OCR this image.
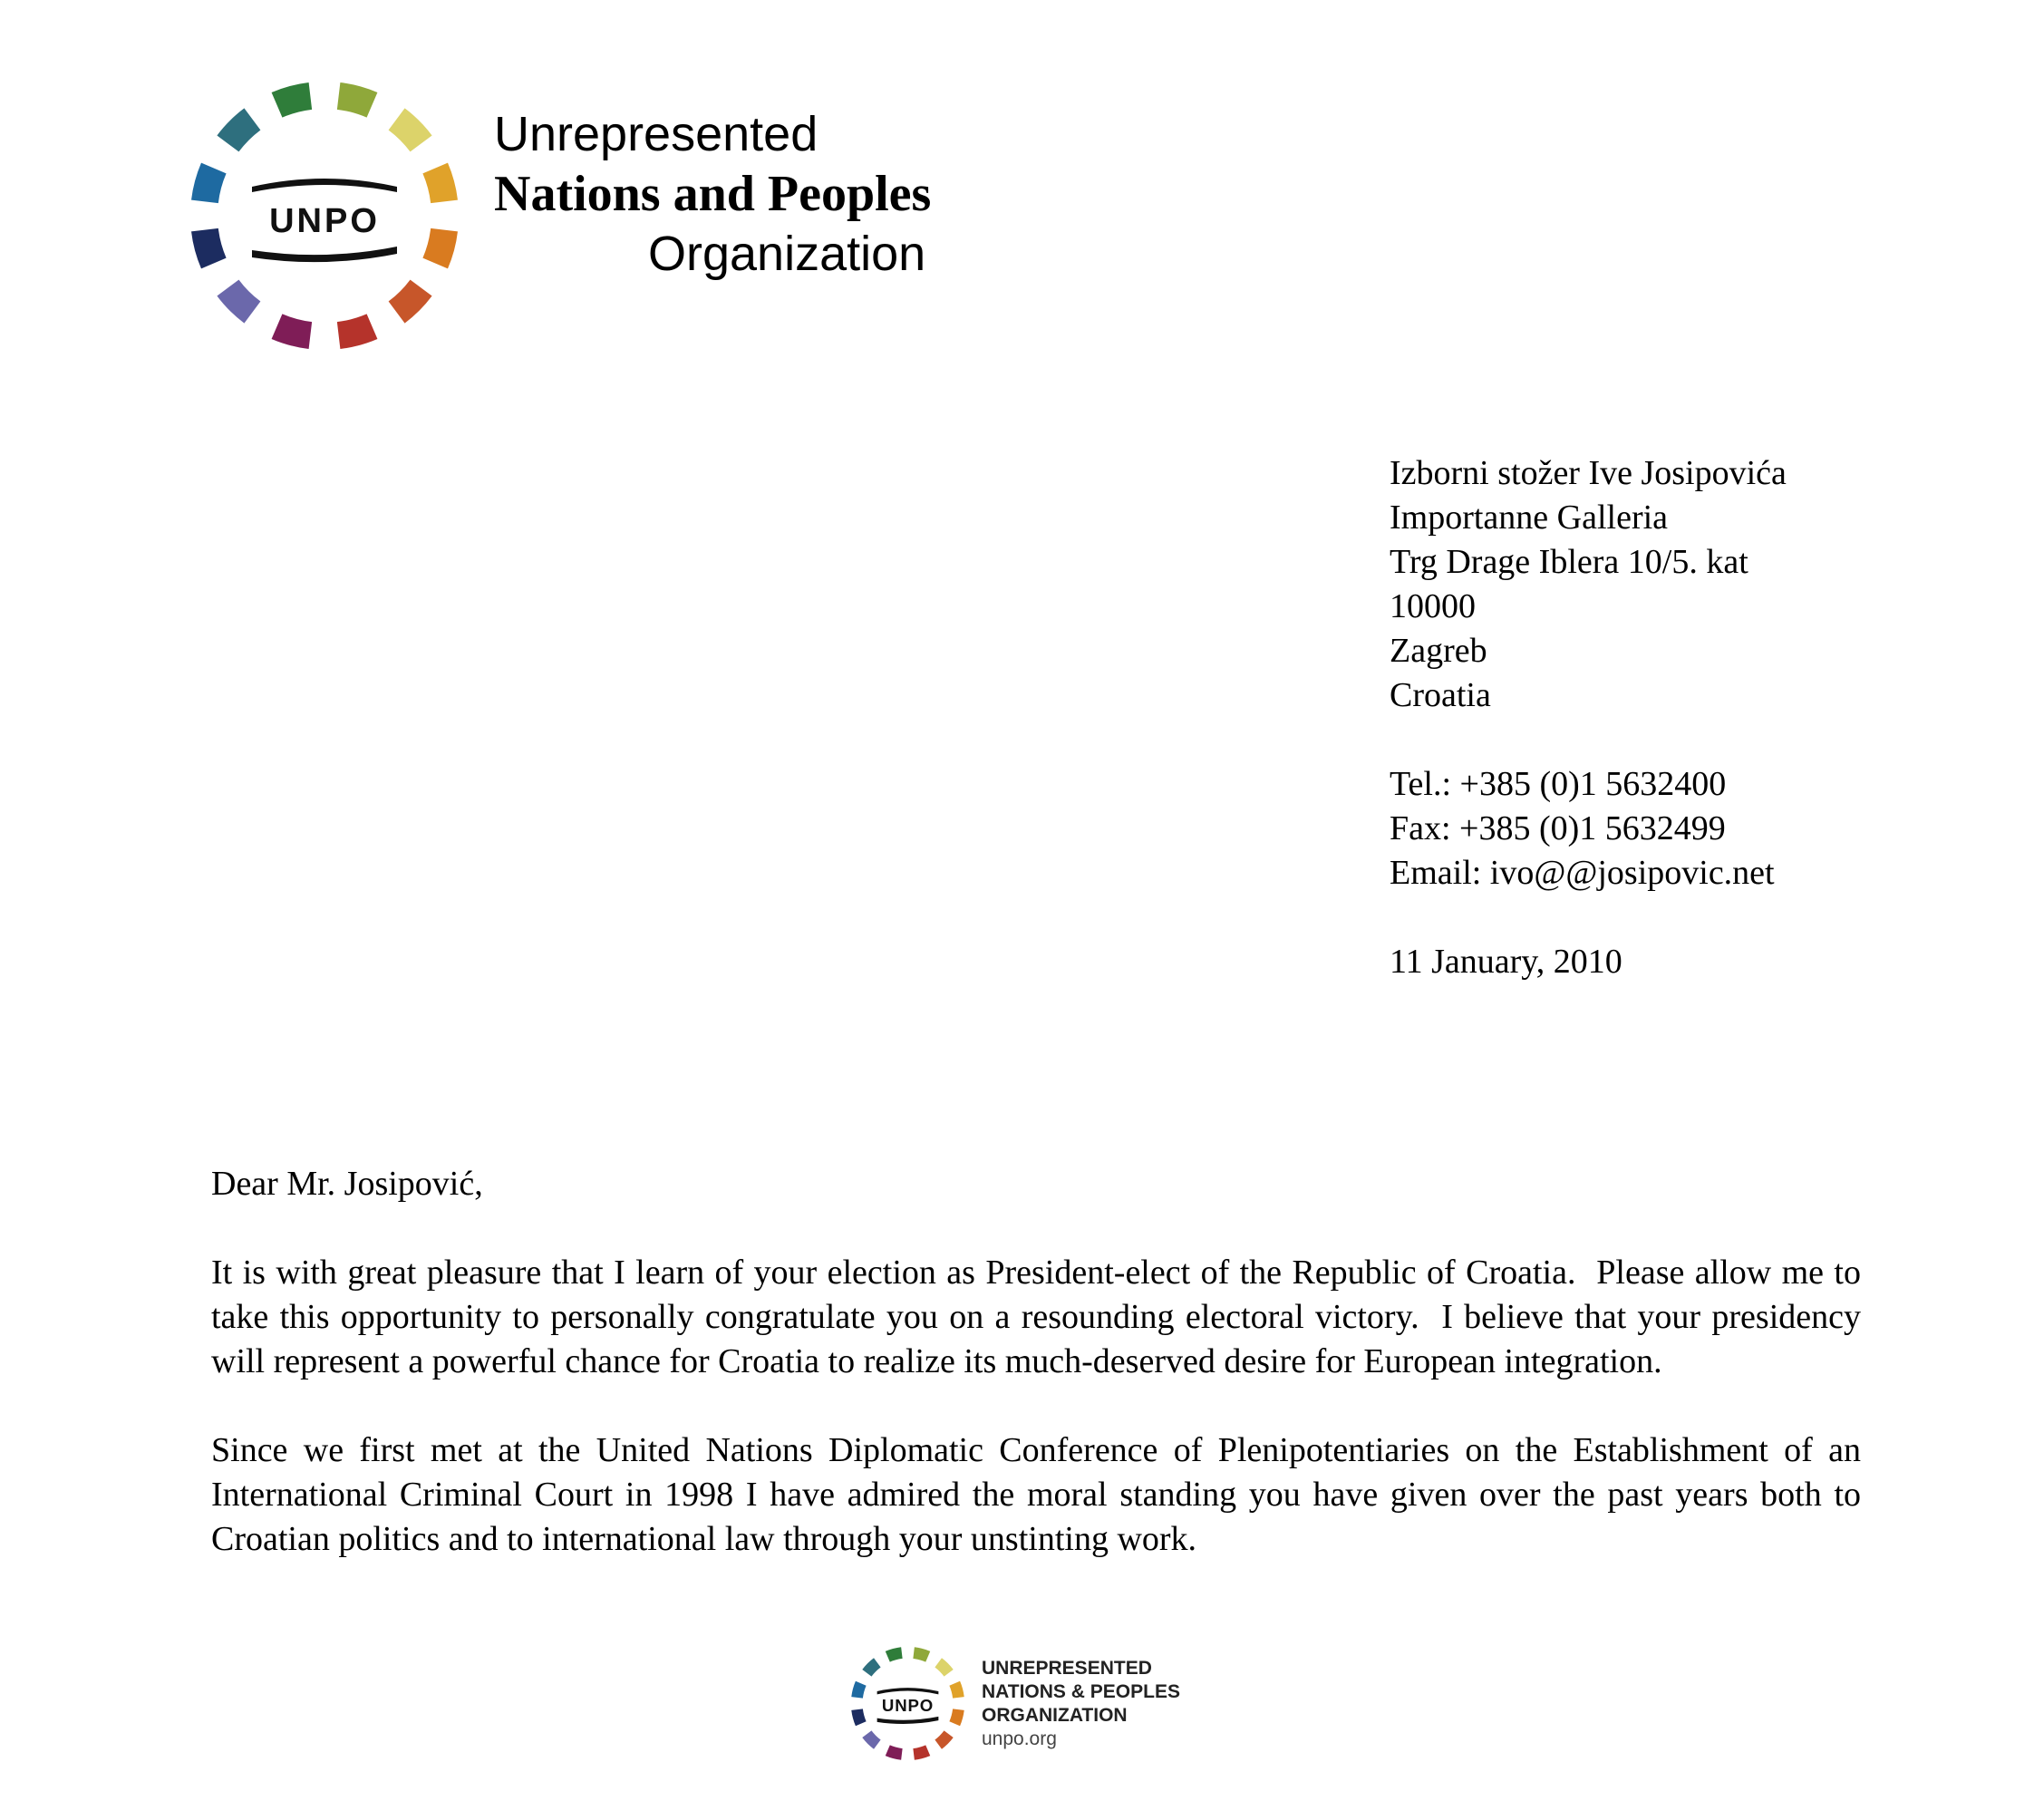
UNPO
Unrepresented
Nations and Peoples
Organization
Izborni stožer Ive Josipovića
Importanne Galleria
Trg Drage Iblera 10/5. kat
10000
Zagreb
Croatia
Tel.: +385 (0)1 5632400
Fax: +385 (0)1 5632499
Email: ivo@@josipovic.net
11 January, 2010

Dear Mr. Josipović,

It is with great pleasure that I learn of your election as President-elect of the Republic of Croatia.  Please allow me to take this opportunity to personally congratulate you on a resounding electoral victory.  I believe that your presidency will represent a powerful chance for Croatia to realize its much-deserved desire for European integration.

Since we first met at the United Nations Diplomatic Conference of Plenipotentiaries on the Establishment of an International Criminal Court in 1998 I have admired the moral standing you have given over the past years both to Croatian politics and to international law through your unstinting work.

UNPO
UNREPRESENTED
NATIONS & PEOPLES
ORGANIZATION
unpo.org
